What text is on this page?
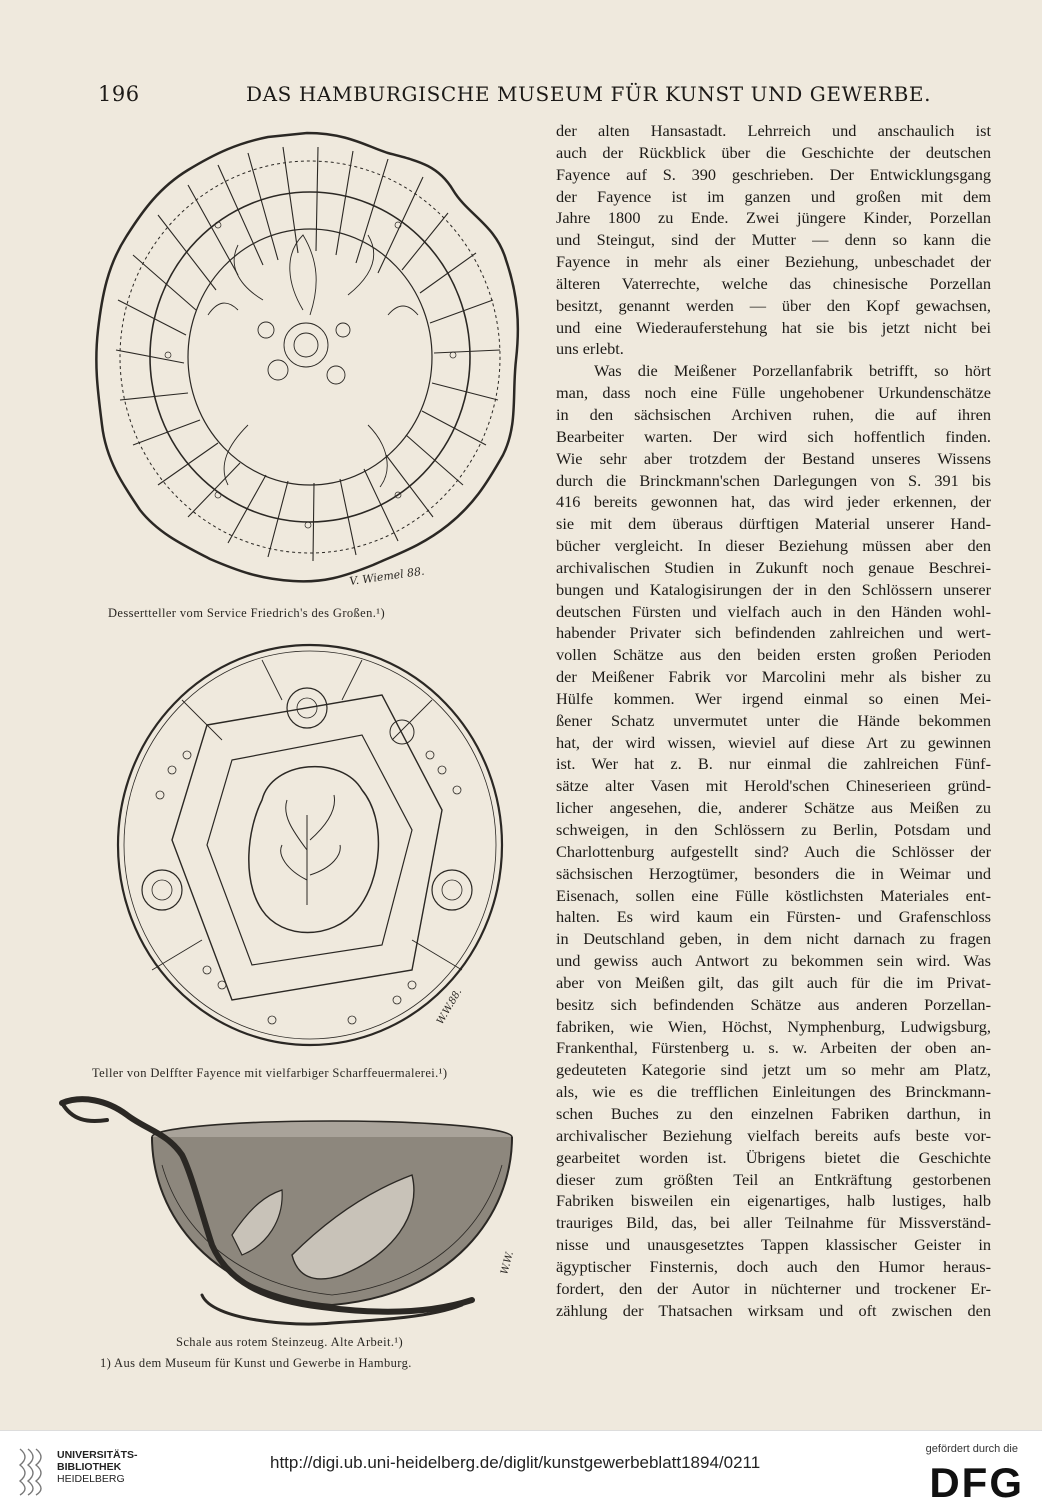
196	DAS HAMBURGISCHE MUSEUM FÜR KUNST UND GEWERBE.
V. Wiemel 88.
Dessertteller vom Service Friedrich's des Großen.¹)
W.W.88.
Teller von Delffter Fayence mit vielfarbiger Scharffeuermalerei.¹)
W.W.
Schale aus rotem Steinzeug. Alte Arbeit.¹)
1) Aus dem Museum für Kunst und Gewerbe in Hamburg.

der alten Hansastadt. Lehrreich und anschaulich ist

auch der Rückblick über die Geschichte der deutschen

Fayence auf S. 390 geschrieben. Der Entwicklungsgang

der Fayence ist im ganzen und großen mit dem

Jahre 1800 zu Ende. Zwei jüngere Kinder, Porzellan

und Steingut, sind der Mutter — denn so kann die

Fayence in mehr als einer Beziehung, unbeschadet der

älteren Vaterrechte, welche das chinesische Porzellan

besitzt, genannt werden — über den Kopf gewachsen,

und eine Wiederauferstehung hat sie bis jetzt nicht bei

uns erlebt.

Was die Meißener Porzellanfabrik betrifft, so hört

man, dass noch eine Fülle ungehobener Urkundenschätze

in den sächsischen Archiven ruhen, die auf ihren

Bearbeiter warten. Der wird sich hoffentlich finden.

Wie sehr aber trotzdem der Bestand unseres Wissens

durch die Brinckmann'schen Darlegungen von S. 391 bis

416 bereits gewonnen hat, das wird jeder erkennen, der

sie mit dem überaus dürftigen Material unserer Hand-

bücher vergleicht. In dieser Beziehung müssen aber den

archivalischen Studien in Zukunft noch genaue Beschrei-

bungen und Katalogisirungen der in den Schlössern unserer

deutschen Fürsten und vielfach auch in den Händen wohl-

habender Privater sich befindenden zahlreichen und wert-

vollen Schätze aus den beiden ersten großen Perioden

der Meißener Fabrik vor Marcolini mehr als bisher zu

Hülfe kommen. Wer irgend einmal so einen Mei-

ßener Schatz unvermutet unter die Hände bekommen

hat, der wird wissen, wieviel auf diese Art zu gewinnen

ist. Wer hat z. B. nur einmal die zahlreichen Fünf-

sätze alter Vasen mit Herold'schen Chineserieen gründ-

licher angesehen, die, anderer Schätze aus Meißen zu

schweigen, in den Schlössern zu Berlin, Potsdam und

Charlottenburg aufgestellt sind? Auch die Schlösser der

sächsischen Herzogtümer, besonders die in Weimar und

Eisenach, sollen eine Fülle köstlichsten Materiales ent-

halten. Es wird kaum ein Fürsten- und Grafenschloss

in Deutschland geben, in dem nicht darnach zu fragen

und gewiss auch Antwort zu bekommen sein wird. Was

aber von Meißen gilt, das gilt auch für die im Privat-

besitz sich befindenden Schätze aus anderen Porzellan-

fabriken, wie Wien, Höchst, Nymphenburg, Ludwigsburg,

Frankenthal, Fürstenberg u. s. w. Arbeiten der oben an-

gedeuteten Kategorie sind jetzt um so mehr am Platz,

als, wie es die trefflichen Einleitungen des Brinckmann-

schen Buches zu den einzelnen Fabriken darthun, in

archivalischer Beziehung vielfach bereits aufs beste vor-

gearbeitet worden ist. Übrigens bietet die Geschichte

dieser zum größten Teil an Entkräftung gestorbenen

Fabriken bisweilen ein eigenartiges, halb lustiges, halb

trauriges Bild, das, bei aller Teilnahme für Missverständ-

nisse und unausgesetztes Tappen klassischer Geister in

ägyptischer Finsternis, doch auch den Humor heraus-

fordert, den der Autor in nüchterner und trockener Er-

zählung der Thatsachen wirksam und oft zwischen den

UNIVERSITÄTS-
BIBLIOTHEK
HEIDELBERG
http://digi.ub.uni-heidelberg.de/diglit/kunstgewerbeblatt1894/0211
gefördert durch die
DFG
